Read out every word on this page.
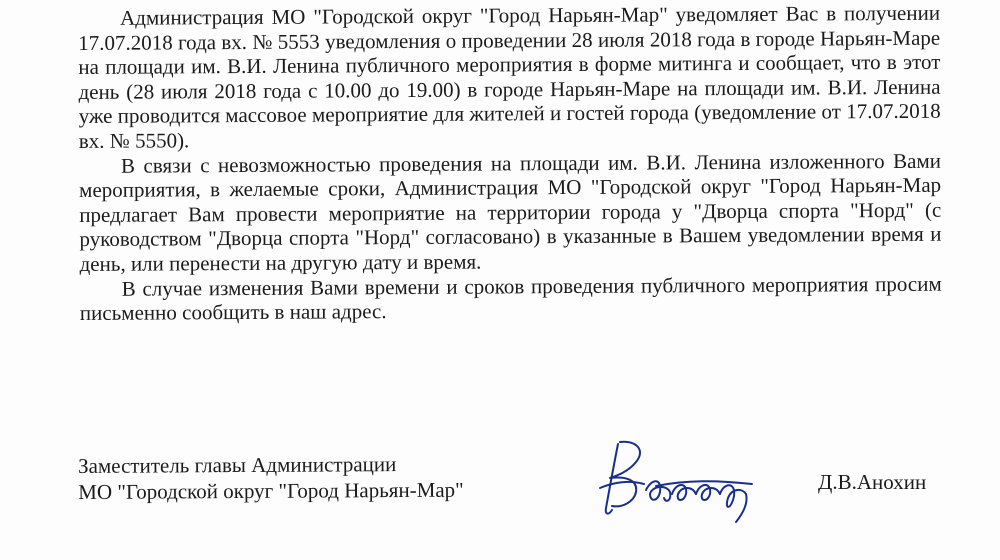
Администрация МО "Городской округ "Город Нарьян-Мар" уведомляет Вас в получении 17.07.2018 года вх. № 5553 уведомления о проведении 28 июля 2018 года в городе Нарьян-Маре на площади им. В.И. Ленина публичного мероприятия в форме митинга и сообщает, что в этот день (28 июля 2018 года с 10.00 до 19.00) в городе Нарьян-Маре на площади им. В.И. Ленина уже проводится массовое мероприятие для жителей и гостей города (уведомление от 17.07.2018 вх. № 5550).

В связи с невозможностью проведения на площади им. В.И. Ленина изложенного Вами мероприятия, в желаемые сроки, Администрация МО "Городской округ "Город Нарьян-Мар предлагает Вам провести мероприятие на территории города у "Дворца спорта "Норд" (с руководством "Дворца спорта "Норд" согласовано) в указанные в Вашем уведомлении время и день, или перенести на другую дату и время.

В случае изменения Вами времени и сроков проведения публичного мероприятия просим письменно сообщить в наш адрес.

Заместитель главы Администрации
МО "Городской округ "Город Нарьян-Мар"	Д.В.Анохин
